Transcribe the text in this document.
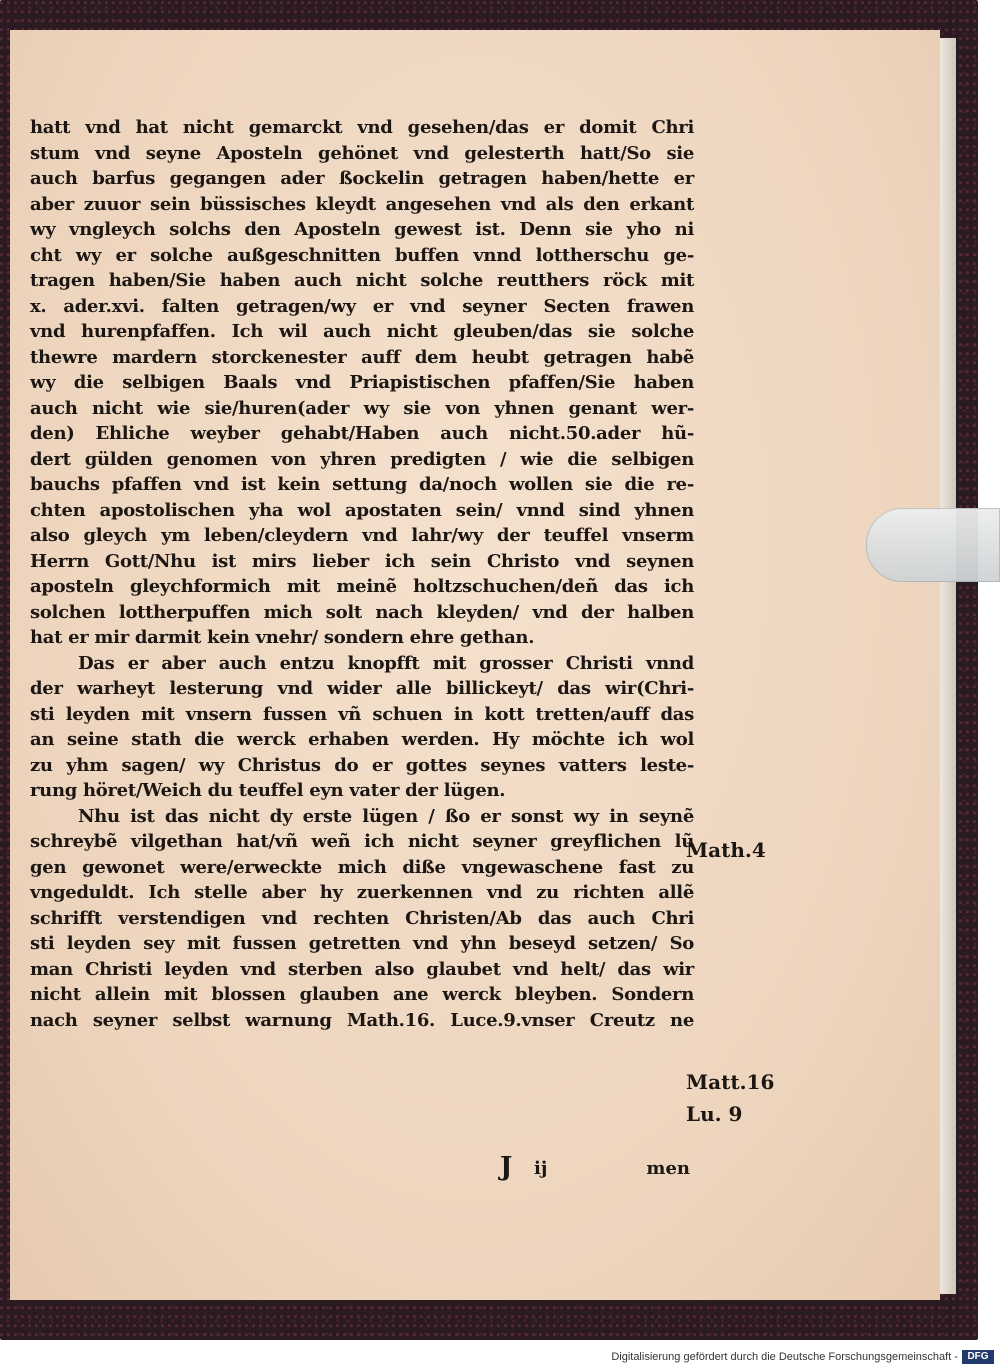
hatt vnd hat nicht gemarckt vnd gesehen/das er domit Chri
stum vnd seyne Aposteln gehönet vnd gelesterth hatt/So sie
auch barfus gegangen ader ßockelin getragen haben/hette er
aber zuuor sein büssisches kleydt angesehen vnd als den erkant
wy vngleych solchs den Aposteln gewest ist. Denn sie yho ni
cht wy er solche außgeschnitten buffen vnnd lottherschu ge-
tragen haben/Sie haben auch nicht solche reutthers röck mit
x. ader.xvi. falten getragen/wy er vnd seyner Secten frawen
vnd hurenpfaffen. Ich wil auch nicht gleuben/das sie solche
thewre mardern storckenester auff dem heubt getragen habẽ
wy die selbigen Baals vnd Priapistischen pfaffen/Sie haben
auch nicht wie sie/huren(ader wy sie von yhnen genant wer-
den) Ehliche weyber gehabt/Haben auch nicht.50.ader hũ-
dert gülden genomen von yhren predigten / wie die selbigen
bauchs pfaffen vnd ist kein settung da/noch wollen sie die re-
chten apostolischen yha wol apostaten sein/ vnnd sind yhnen
also gleych ym leben/cleydern vnd lahr/wy der teuffel vnserm
Herrn Gott/Nhu ist mirs lieber ich sein Christo vnd seynen
aposteln gleychformich mit meinẽ holtzschuchen/deñ das ich
solchen lottherpuffen mich solt nach kleyden/ vnd der halben
hat er mir darmit kein vnehr/ sondern ehre gethan.
Das er aber auch entzu knopfft mit grosser Christi vnnd
der warheyt lesterung vnd wider alle billickeyt/ das wir(Chri-
sti leyden mit vnsern fussen vñ schuen in kott tretten/auff das
an seine stath die werck erhaben werden. Hy möchte ich wol
zu yhm sagen/ wy Christus do er gottes seynes vatters leste-
rung höret/Weich du teuffel eyn vater der lügen.
Nhu ist das nicht dy erste lügen / ßo er sonst wy in seynẽ
schreybẽ vilgethan hat/vñ weñ ich nicht seyner greyflichen lũ
gen gewonet were/erweckte mich diße vngewaschene fast zu
vngeduldt. Ich stelle aber hy zuerkennen vnd zu richten allẽ
schrifft verstendigen vnd rechten Christen/Ab das auch Chri
sti leyden sey mit fussen getretten vnd yhn beseyd setzen/ So
man Christi leyden vnd sterben also glaubet vnd helt/ das wir
nicht allein mit blossen glauben ane werck bleyben. Sondern
nach seyner selbst warnung Math.16. Luce.9.vnser Creutz ne
Math.4
Matt.16
Lu. 9
J ij	men
Digitalisierung gefördert durch die Deutsche Forschungsgemeinschaft - DFG
